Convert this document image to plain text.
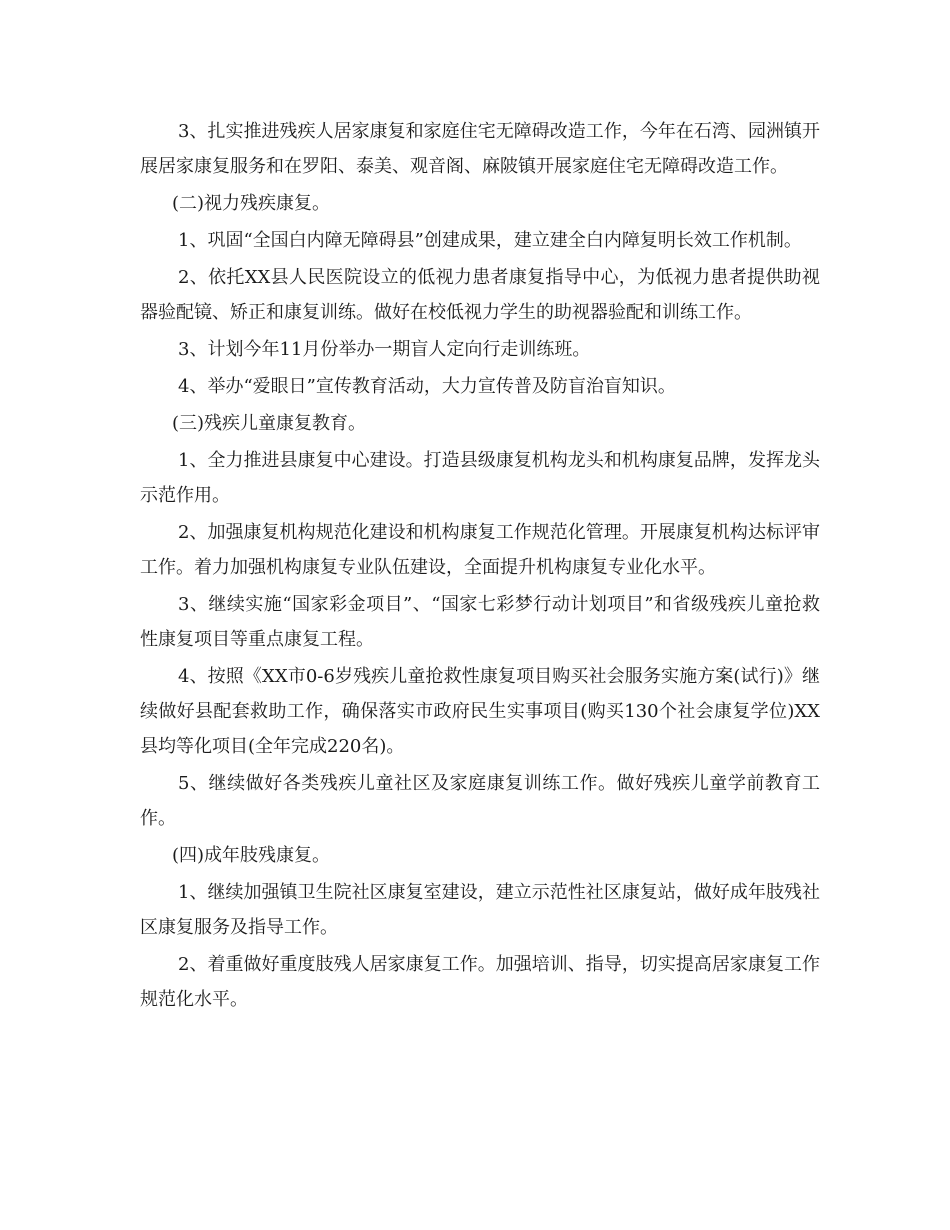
3、扎实推进残疾人居家康复和家庭住宅无障碍改造工作，今年在石湾、园洲镇开展居家康复服务和在罗阳、泰美、观音阁、麻陂镇开展家庭住宅无障碍改造工作。

(二)视力残疾康复。

1、巩固“全国白内障无障碍县”创建成果，建立建全白内障复明长效工作机制。

2、依托XX县人民医院设立的低视力患者康复指导中心，为低视力患者提供助视器验配镜、矫正和康复训练。做好在校低视力学生的助视器验配和训练工作。

3、计划今年11月份举办一期盲人定向行走训练班。

4、举办“爱眼日”宣传教育活动，大力宣传普及防盲治盲知识。

(三)残疾儿童康复教育。

1、全力推进县康复中心建设。打造县级康复机构龙头和机构康复品牌，发挥龙头示范作用。

2、加强康复机构规范化建设和机构康复工作规范化管理。开展康复机构达标评审工作。着力加强机构康复专业队伍建设，全面提升机构康复专业化水平。

3、继续实施“国家彩金项目”、“国家七彩梦行动计划项目”和省级残疾儿童抢救性康复项目等重点康复工程。

4、按照《XX市0-6岁残疾儿童抢救性康复项目购买社会服务实施方案(试行)》继续做好县配套救助工作，确保落实市政府民生实事项目(购买130个社会康复学位)XX县均等化项目(全年完成220名)。

5、继续做好各类残疾儿童社区及家庭康复训练工作。做好残疾儿童学前教育工作。

(四)成年肢残康复。

1、继续加强镇卫生院社区康复室建设，建立示范性社区康复站，做好成年肢残社区康复服务及指导工作。

2、着重做好重度肢残人居家康复工作。加强培训、指导，切实提高居家康复工作规范化水平。
